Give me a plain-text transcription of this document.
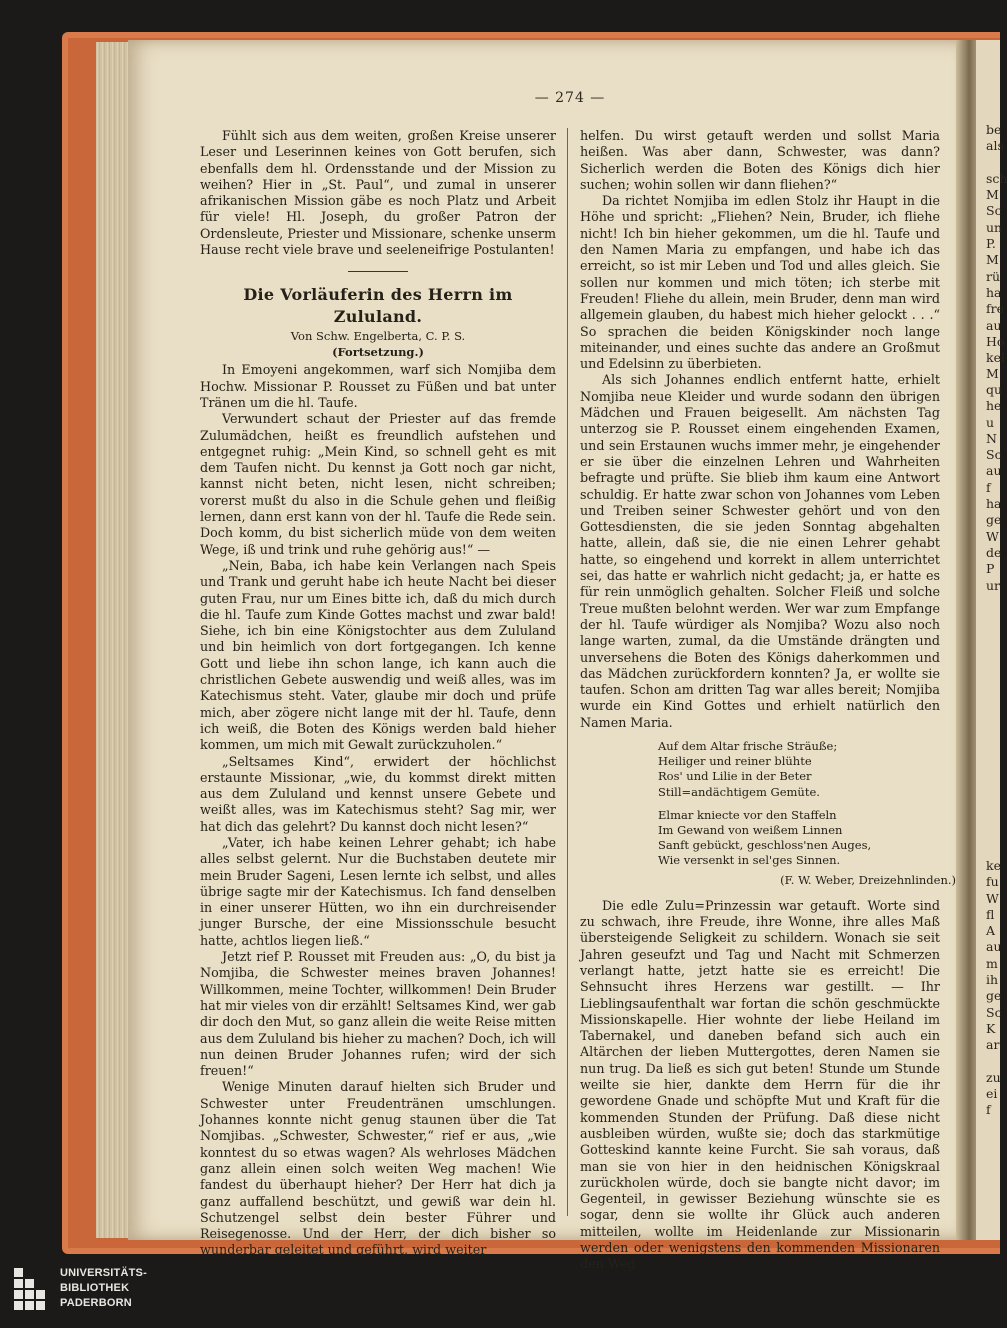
— 274 —

Fühlt sich aus dem weiten, großen Kreise unserer Leser und Leserinnen keines von Gott berufen, sich ebenfalls dem hl. Ordensstande und der Mission zu weihen? Hier in „St. Paul“, und zumal in unserer afrikanischen Mission gäbe es noch Platz und Arbeit für viele! Hl. Joseph, du großer Patron der Ordensleute, Priester und Missionare, schenke unserm Hause recht viele brave und seeleneifrige Postulanten!

Die Vorläuferin des Herrn im Zululand.
Von Schw. Engelberta, C. P. S.
(Fortsetzung.)

In Emoyeni angekommen, warf sich Nomjiba dem Hochw. Missionar P. Rousset zu Füßen und bat unter Tränen um die hl. Taufe.

Verwundert schaut der Priester auf das fremde Zulumädchen, heißt es freundlich aufstehen und entgegnet ruhig: „Mein Kind, so schnell geht es mit dem Taufen nicht. Du kennst ja Gott noch gar nicht, kannst nicht beten, nicht lesen, nicht schreiben; vorerst mußt du also in die Schule gehen und fleißig lernen, dann erst kann von der hl. Taufe die Rede sein. Doch komm, du bist sicherlich müde von dem weiten Wege, iß und trink und ruhe gehörig aus!“ —

„Nein, Baba, ich habe kein Verlangen nach Speis und Trank und geruht habe ich heute Nacht bei dieser guten Frau, nur um Eines bitte ich, daß du mich durch die hl. Taufe zum Kinde Gottes machst und zwar bald! Siehe, ich bin eine Königstochter aus dem Zululand und bin heimlich von dort fortgegangen. Ich kenne Gott und liebe ihn schon lange, ich kann auch die christlichen Gebete auswendig und weiß alles, was im Katechismus steht. Vater, glaube mir doch und prüfe mich, aber zögere nicht lange mit der hl. Taufe, denn ich weiß, die Boten des Königs werden bald hieher kommen, um mich mit Gewalt zurückzuholen.“

„Seltsames Kind“, erwidert der höchlichst erstaunte Missionar, „wie, du kommst direkt mitten aus dem Zululand und kennst unsere Gebete und weißt alles, was im Katechismus steht? Sag mir, wer hat dich das gelehrt? Du kannst doch nicht lesen?“

„Vater, ich habe keinen Lehrer gehabt; ich habe alles selbst gelernt. Nur die Buchstaben deutete mir mein Bruder Sageni, Lesen lernte ich selbst, und alles übrige sagte mir der Katechismus. Ich fand denselben in einer unserer Hütten, wo ihn ein durchreisender junger Bursche, der eine Missionsschule besucht hatte, achtlos liegen ließ.“

Jetzt rief P. Rousset mit Freuden aus: „O, du bist ja Nomjiba, die Schwester meines braven Johannes! Willkommen, meine Tochter, willkommen! Dein Bruder hat mir vieles von dir erzählt! Seltsames Kind, wer gab dir doch den Mut, so ganz allein die weite Reise mitten aus dem Zululand bis hieher zu machen? Doch, ich will nun deinen Bruder Johannes rufen; wird der sich freuen!“

Wenige Minuten darauf hielten sich Bruder und Schwester unter Freudentränen umschlungen. Johannes konnte nicht genug staunen über die Tat Nomjibas. „Schwester, Schwester,“ rief er aus, „wie konntest du so etwas wagen? Als wehrloses Mädchen ganz allein einen solch weiten Weg machen! Wie fandest du überhaupt hieher? Der Herr hat dich ja ganz auffallend beschützt, und gewiß war dein hl. Schutzengel selbst dein bester Führer und Reisegenosse. Und der Herr, der dich bisher so wunderbar geleitet und geführt, wird weiter

helfen. Du wirst getauft werden und sollst Maria heißen. Was aber dann, Schwester, was dann? Sicherlich werden die Boten des Königs dich hier suchen; wohin sollen wir dann fliehen?“

Da richtet Nomjiba im edlen Stolz ihr Haupt in die Höhe und spricht: „Fliehen? Nein, Bruder, ich fliehe nicht! Ich bin hieher gekommen, um die hl. Taufe und den Namen Maria zu empfangen, und habe ich das erreicht, so ist mir Leben und Tod und alles gleich. Sie sollen nur kommen und mich töten; ich sterbe mit Freuden! Fliehe du allein, mein Bruder, denn man wird allgemein glauben, du habest mich hieher gelockt . . .“ So sprachen die beiden Königskinder noch lange miteinander, und eines suchte das andere an Großmut und Edelsinn zu überbieten.

Als sich Johannes endlich entfernt hatte, erhielt Nomjiba neue Kleider und wurde sodann den übrigen Mädchen und Frauen beigesellt. Am nächsten Tag unterzog sie P. Rousset einem eingehenden Examen, und sein Erstaunen wuchs immer mehr, je eingehender er sie über die einzelnen Lehren und Wahrheiten befragte und prüfte. Sie blieb ihm kaum eine Antwort schuldig. Er hatte zwar schon von Johannes vom Leben und Treiben seiner Schwester gehört und von den Gottesdiensten, die sie jeden Sonntag abgehalten hatte, allein, daß sie, die nie einen Lehrer gehabt hatte, so eingehend und korrekt in allem unterrichtet sei, das hatte er wahrlich nicht gedacht; ja, er hatte es für rein unmöglich gehalten. Solcher Fleiß und solche Treue mußten belohnt werden. Wer war zum Empfange der hl. Taufe würdiger als Nomjiba? Wozu also noch lange warten, zumal, da die Umstände drängten und unversehens die Boten des Königs daherkommen und das Mädchen zurückfordern konnten? Ja, er wollte sie taufen. Schon am dritten Tag war alles bereit; Nomjiba wurde ein Kind Gottes und erhielt natürlich den Namen Maria.

Auf dem Altar frische Sträuße;
Heiliger und reiner blühte
Ros' und Lilie in der Beter
Still=andächtigem Gemüte.
Elmar kniecte vor den Staffeln
Im Gewand von weißem Linnen
Sanft gebückt, geschloss'nen Auges,
Wie versenkt in sel'ges Sinnen.
(F. W. Weber, Dreizehnlinden.)

Die edle Zulu=Prinzessin war getauft. Worte sind zu schwach, ihre Freude, ihre Wonne, ihre alles Maß übersteigende Seligkeit zu schildern. Wonach sie seit Jahren geseufzt und Tag und Nacht mit Schmerzen verlangt hatte, jetzt hatte sie es erreicht! Die Sehnsucht ihres Herzens war gestillt. — Ihr Lieblingsaufenthalt war fortan die schön geschmückte Missionskapelle. Hier wohnte der liebe Heiland im Tabernakel, und daneben befand sich auch ein Altärchen der lieben Muttergottes, deren Namen sie nun trug. Da ließ es sich gut beten! Stunde um Stunde weilte sie hier, dankte dem Herrn für die ihr gewordene Gnade und schöpfte Mut und Kraft für die kommenden Stunden der Prüfung. Daß diese nicht ausbleiben würden, wußte sie; doch das starkmütige Gotteskind kannte keine Furcht. Sie sah voraus, daß man sie von hier in den heidnischen Königskraal zurückholen würde, doch sie bangte nicht davor; im Gegenteil, in gewisser Beziehung wünschte sie es sogar, denn sie wollte ihr Glück auch anderen mitteilen, wollte im Heidenlande zur Missionarin werden oder wenigstens den kommenden Missionaren den Weg

be
als

sch
M
Sc
un
P.
M
rü
ha
fre
au
Ho
kel
M
qu
he
u
N
Sc
au
f
ha
ge
W
de
P
ur
ke
fu
W
fl
A
au
m
ih
ge
Sc
K
ar

zu
ei
f
UNIVERSITÄTS-
BIBLIOTHEK
PADERBORN
